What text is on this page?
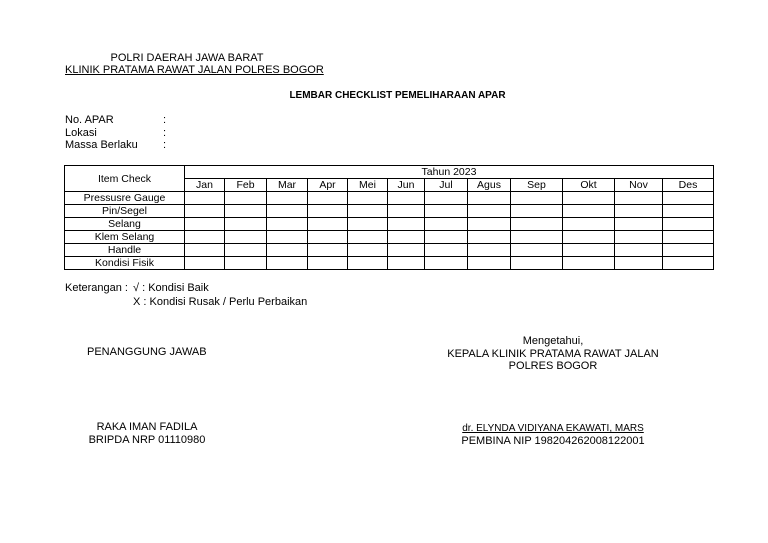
POLRI DAERAH JAWA BARAT
KLINIK PRATAMA RAWAT JALAN POLRES BOGOR
LEMBAR CHECKLIST PEMELIHARAAN APAR
No. APAR	:
Lokasi	:
Massa Berlaku :
Item Check	Tahun 2023											
	Jan	Feb	Mar	Apr	Mei	Jun	Jul	Agus	Sep	Okt	Nov	Des
Pressusre Gauge												
Pin/Segel												
Selang												
Klem Selang												
Handle												
Kondisi Fisik												
Keterangan : √ : Kondisi Baik
X : Kondisi Rusak / Perlu Perbaikan
PENANGGUNG JAWAB
RAKA IMAN FADILA
BRIPDA NRP 01110980
Mengetahui,
KEPALA KLINIK PRATAMA RAWAT JALAN
POLRES BOGOR
dr. ELYNDA VIDIYANA EKAWATI, MARS
PEMBINA NIP 198204262008122001
